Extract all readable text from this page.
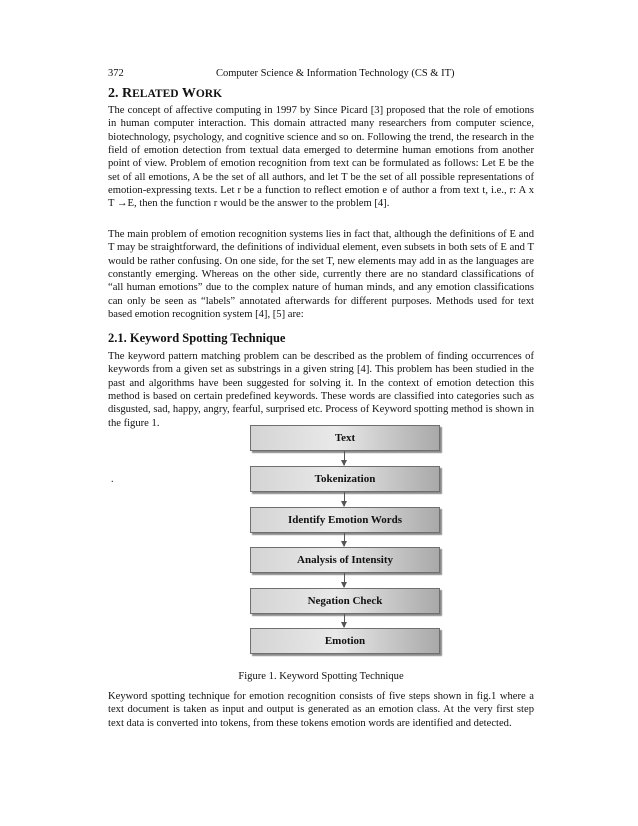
372	Computer Science & Information Technology (CS & IT)
2. RELATED WORK

The concept of affective computing in 1997 by Since Picard [3] proposed that the role of emotions in human computer interaction. This domain attracted many researchers from computer science, biotechnology, psychology, and cognitive science and so on. Following the trend, the research in the field of emotion detection from textual data emerged to determine human emotions from another point of view. Problem of emotion recognition from text can be formulated as follows: Let E be the set of all emotions, A be the set of all authors, and let T be the set of all possible representations of emotion-expressing texts. Let r be a function to reflect emotion e of author a from text t, i.e., r: A x T →E, then the function r would be the answer to the problem [4].

The main problem of emotion recognition systems lies in fact that, although the definitions of E and T may be straightforward, the definitions of individual element, even subsets in both sets of E and T would be rather confusing. On one side, for the set T, new elements may add in as the languages are constantly emerging. Whereas on the other side, currently there are no standard classifications of “all human emotions” due to the complex nature of human minds, and any emotion classifications can only be seen as “labels” annotated afterwards for different purposes. Methods used for text based emotion recognition system [4], [5] are:

2.1. Keyword Spotting Technique

The keyword pattern matching problem can be described as the problem of finding occurrences of keywords from a given set as substrings in a given string [4]. This problem has been studied in the past and algorithms have been suggested for solving it. In the context of emotion detection this method is based on certain predefined keywords. These words are classified into categories such as disgusted, sad, happy, angry, fearful, surprised etc. Process of Keyword spotting method is shown in the figure 1.

.
Text
Tokenization
Identify Emotion Words
Analysis of Intensity
Negation Check
Emotion
Figure 1. Keyword Spotting Technique

Keyword spotting technique for emotion recognition consists of five steps shown in fig.1 where a text document is taken as input and output is generated as an emotion class. At the very first step text data is converted into tokens, from these tokens emotion words are identified and detected.
